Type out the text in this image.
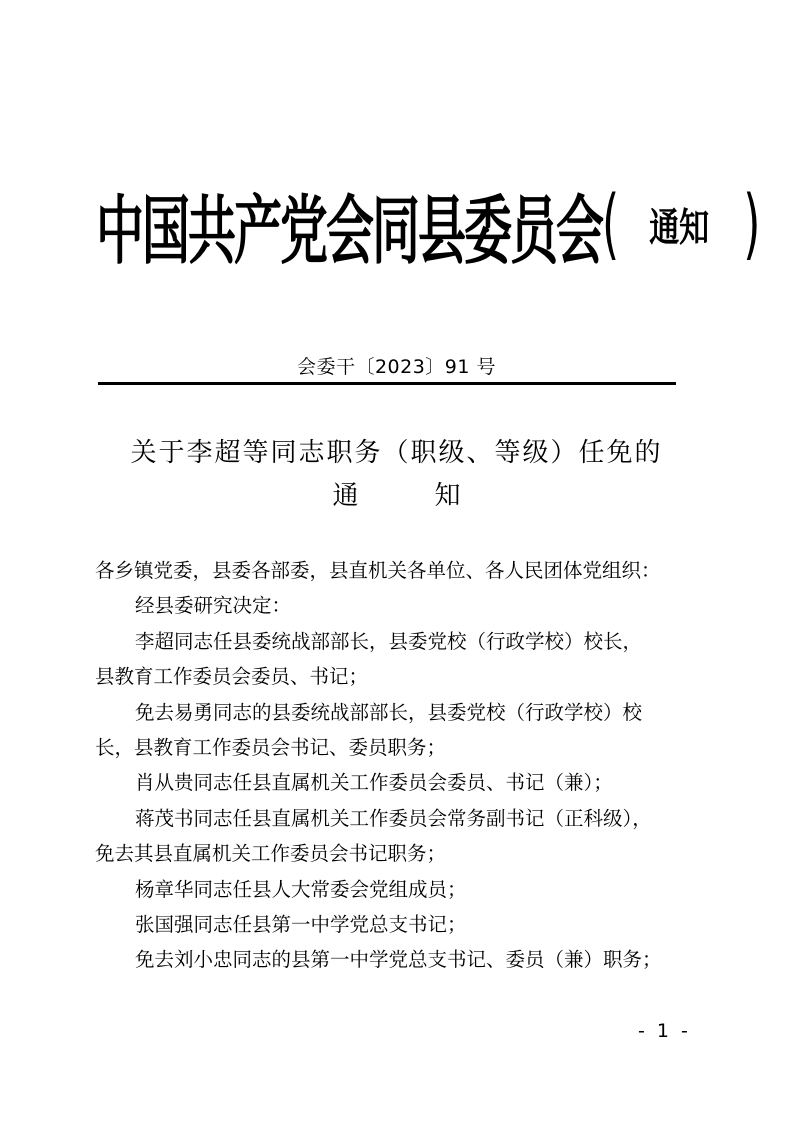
中国共产党会同县委员会 ( 通知 )
会委干〔2023〕91 号
关于李超等同志职务（职级、等级）任免的
通	知

各乡镇党委，县委各部委，县直机关各单位、各人民团体党组织：

经县委研究决定：

李超同志任县委统战部部长，县委党校（行政学校）校长，

县教育工作委员会委员、书记；

免去易勇同志的县委统战部部长，县委党校（行政学校）校

长，县教育工作委员会书记、委员职务；

肖从贵同志任县直属机关工作委员会委员、书记（兼）；

蒋茂书同志任县直属机关工作委员会常务副书记（正科级），

免去其县直属机关工作委员会书记职务；

杨章华同志任县人大常委会党组成员；

张国强同志任县第一中学党总支书记；

免去刘小忠同志的县第一中学党总支书记、委员（兼）职务；

- 1 -
